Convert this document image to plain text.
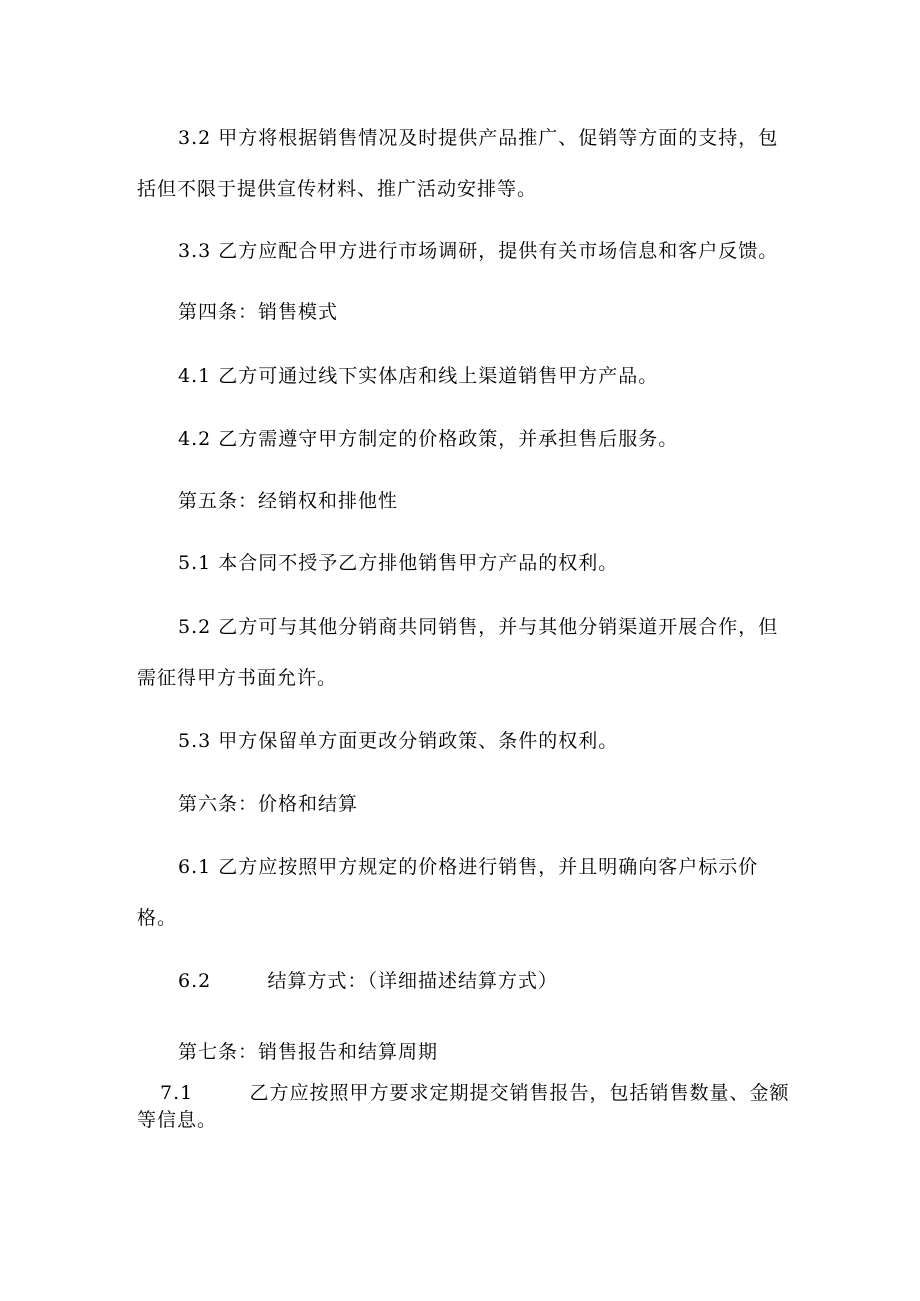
3.2 甲方将根据销售情况及时提供产品推广、促销等方面的支持，包
括但不限于提供宣传材料、推广活动安排等。
3.3 乙方应配合甲方进行市场调研，提供有关市场信息和客户反馈。
第四条：销售模式
4.1 乙方可通过线下实体店和线上渠道销售甲方产品。
4.2 乙方需遵守甲方制定的价格政策，并承担售后服务。
第五条：经销权和排他性
5.1 本合同不授予乙方排他销售甲方产品的权利。
5.2 乙方可与其他分销商共同销售，并与其他分销渠道开展合作，但
需征得甲方书面允许。
5.3 甲方保留单方面更改分销政策、条件的权利。
第六条：价格和结算
6.1 乙方应按照甲方规定的价格进行销售，并且明确向客户标示价
格。
6.2        结算方式：（详细描述结算方式）
第七条：销售报告和结算周期
7.1        乙方应按照甲方要求定期提交销售报告，包括销售数量、金额
等信息。
